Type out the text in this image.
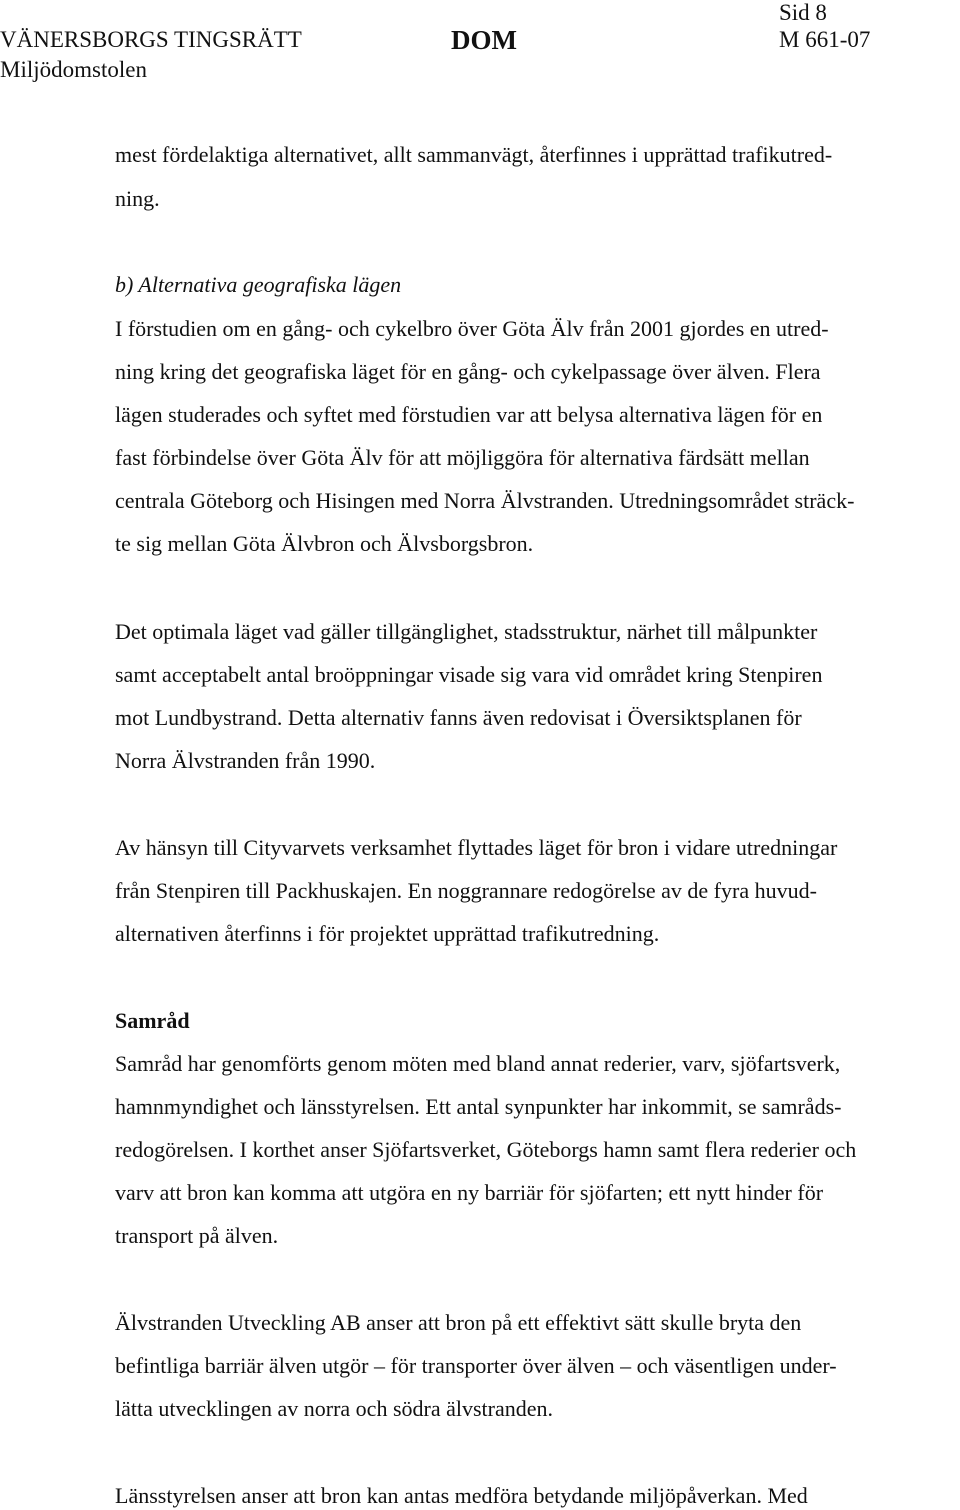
Sid 8
VÄNERSBORGS TINGSRÄTT	DOM	M 661-07
Miljödomstolen
mest fördelaktiga alternativet, allt sammanvägt, återfinnes i upprättad trafikutred-
ning.
b) Alternativa geografiska lägen
I förstudien om en gång- och cykelbro över Göta Älv från 2001 gjordes en utred-
ning kring det geografiska läget för en gång- och cykelpassage över älven. Flera
lägen studerades och syftet med förstudien var att belysa alternativa lägen för en
fast förbindelse över Göta Älv för att möjliggöra för alternativa färdsätt mellan
centrala Göteborg och Hisingen med Norra Älvstranden. Utredningsområdet sträck-
te sig mellan Göta Älvbron och Älvsborgsbron.
Det optimala läget vad gäller tillgänglighet, stadsstruktur, närhet till målpunkter
samt acceptabelt antal broöppningar visade sig vara vid området kring Stenpiren
mot Lundbystrand. Detta alternativ fanns även redovisat i Översiktsplanen för
Norra Älvstranden från 1990.
Av hänsyn till Cityvarvets verksamhet flyttades läget för bron i vidare utredningar
från Stenpiren till Packhuskajen. En noggrannare redogörelse av de fyra huvud-
alternativen återfinns i för projektet upprättad trafikutredning.
Samråd
Samråd har genomförts genom möten med bland annat rederier, varv, sjöfartsverk,
hamnmyndighet och länsstyrelsen. Ett antal synpunkter har inkommit, se samråds-
redogörelsen. I korthet anser Sjöfartsverket, Göteborgs hamn samt flera rederier och
varv att bron kan komma att utgöra en ny barriär för sjöfarten; ett nytt hinder för
transport på älven.
Älvstranden Utveckling AB anser att bron på ett effektivt sätt skulle bryta den
befintliga barriär älven utgör – för transporter över älven – och väsentligen under-
lätta utvecklingen av norra och södra älvstranden.
Länsstyrelsen anser att bron kan antas medföra betydande miljöpåverkan. Med
